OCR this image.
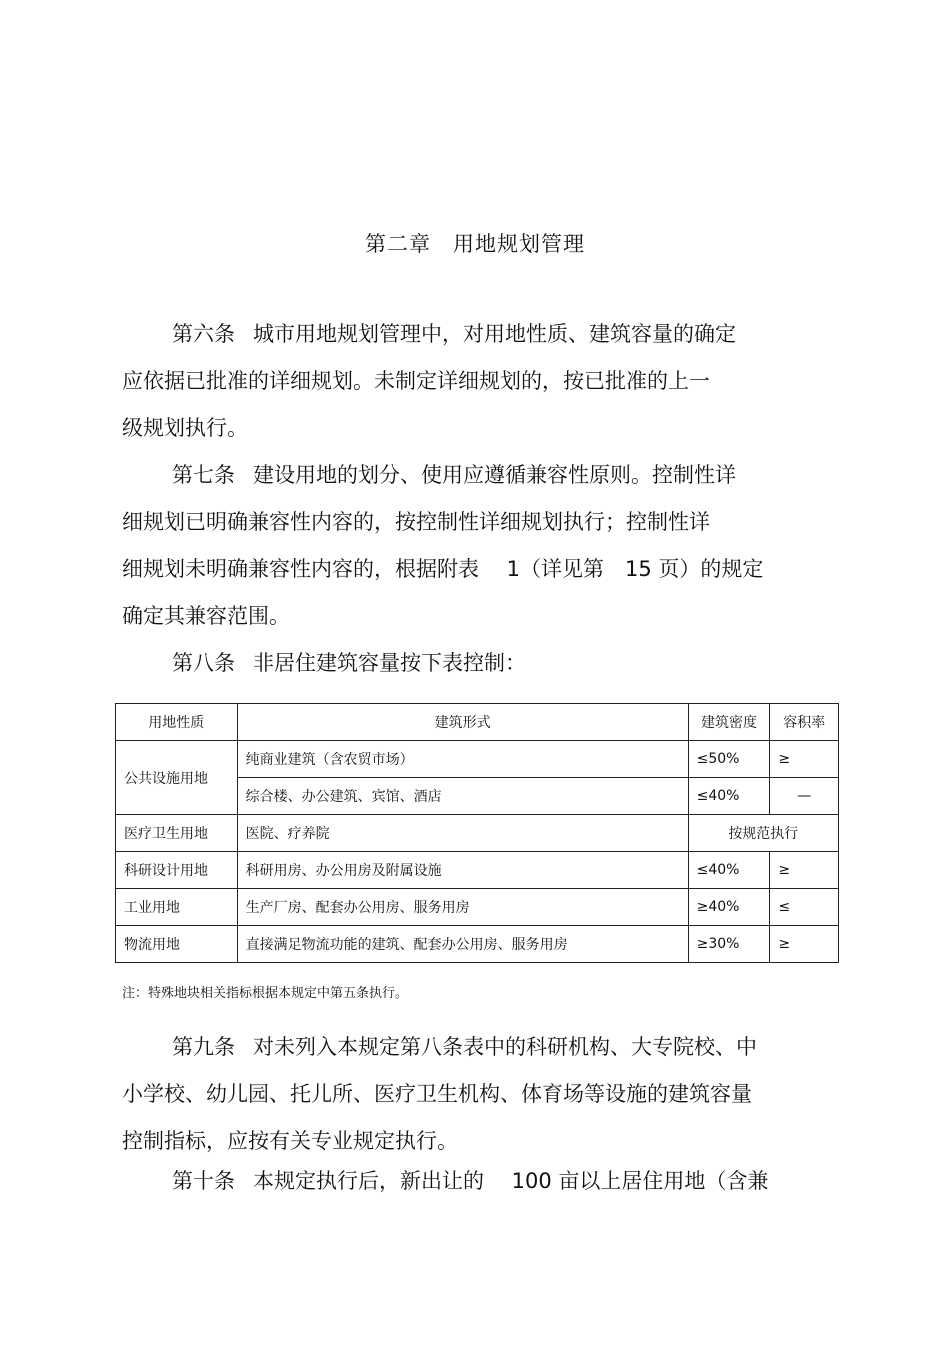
第二章　用地规划管理
第六条 城市用地规划管理中，对用地性质、建筑容量的确定
应依据已批准的详细规划。未制定详细规划的，按已批准的上一
级规划执行。
第七条 建设用地的划分、使用应遵循兼容性原则。控制性详
细规划已明确兼容性内容的，按控制性详细规划执行；控制性详
细规划未明确兼容性内容的，根据附表　 1（详见第　15 页）的规定
确定其兼容范围。
第八条 非居住建筑容量按下表控制：
用地性质	建筑形式	建筑密度	容积率
公共设施用地	纯商业建筑（含农贸市场）	≤50%	≥
	综合楼、办公建筑、宾馆、酒店	≤40%	—
医疗卫生用地	医院、疗养院	按规范执行	
科研设计用地	科研用房、办公用房及附属设施	≤40%	≥
工业用地	生产厂房、配套办公用房、服务用房	≥40%	≤
物流用地	直接满足物流功能的建筑、配套办公用房、服务用房	≥30%	≥
注：特殊地块相关指标根据本规定中第五条执行。
第九条 对未列入本规定第八条表中的科研机构、大专院校、中
小学校、幼儿园、托儿所、医疗卫生机构、体育场等设施的建筑容量
控制指标，应按有关专业规定执行。
第十条 本规定执行后，新出让的　 100 亩以上居住用地（含兼
